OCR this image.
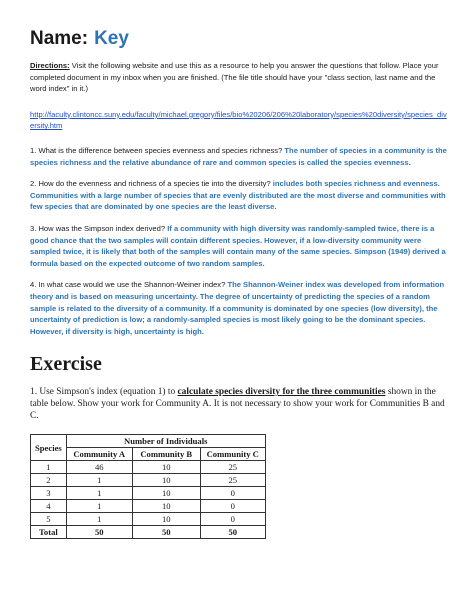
Name: Key
Directions: Visit the following website and use this as a resource to help you answer the questions that follow. Place your completed document in my inbox when you are finished. (The file title should have your "class section, last name and the word index" in it.)
http://faculty.clintoncc.suny.edu/faculty/michael.gregory/files/bio%20206/206%20laboratory/species%20diversity/species_diversity.htm
1. What is the difference between species evenness and species richness? The number of species in a community is the species richness and the relative abundance of rare and common species is called the species evenness.
2. How do the evenness and richness of a species tie into the diversity? includes both species richness and evenness. Communities with a large number of species that are evenly distributed are the most diverse and communities with few species that are dominated by one species are the least diverse.
3. How was the Simpson index derived? If a community with high diversity was randomly-sampled twice, there is a good chance that the two samples will contain different species. However, if a low-diversity community were sampled twice, it is likely that both of the samples will contain many of the same species. Simpson (1949) derived a formula based on the expected outcome of two random samples.
4. In what case would we use the Shannon-Weiner index? The Shannon-Weiner index was developed from information theory and is based on measuring uncertainty. The degree of uncertainty of predicting the species of a random sample is related to the diversity of a community. If a community is dominated by one species (low diversity), the uncertainty of prediction is low; a randomly-sampled species is most likely going to be the dominant species. However, if diversity is high, uncertainty is high.
Exercise
1. Use Simpson's index (equation 1) to calculate species diversity for the three communities shown in the table below. Show your work for Community A. It is not necessary to show your work for Communities B and C.
Species	Number of Individuals		
	Community A	Community B	Community C
1	46	10	25
2	1	10	25
3	1	10	0
4	1	10	0
5	1	10	0
Total	50	50	50
